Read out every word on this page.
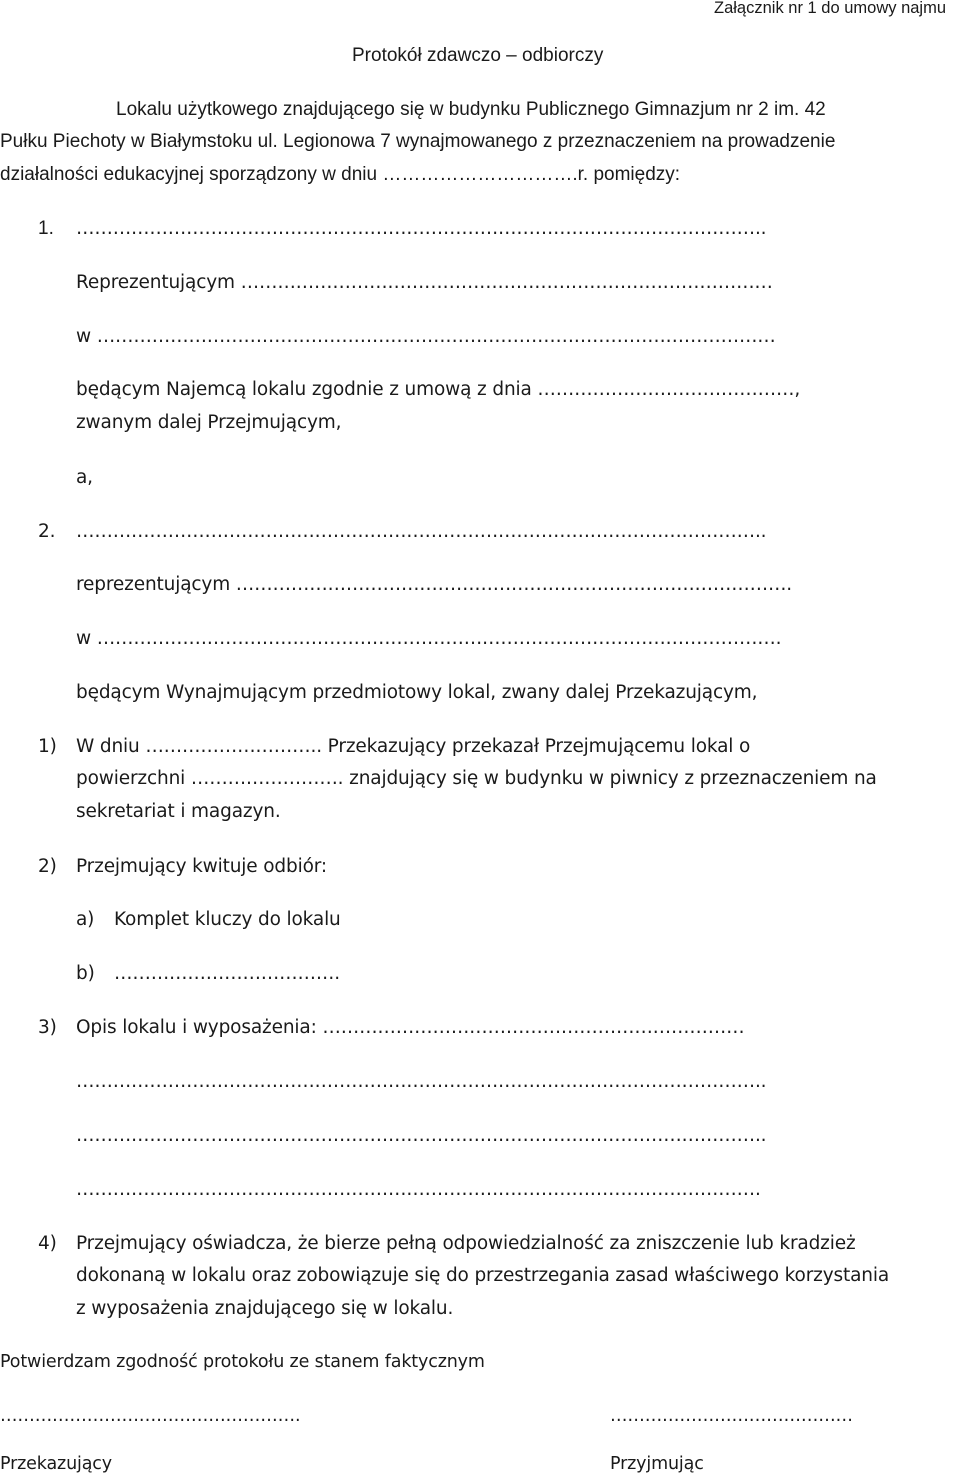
Załącznik nr 1 do umowy najmu
Protokół zdawczo – odbiorczy
Lokalu użytkowego znajdującego się w budynku Publicznego Gimnazjum nr 2 im. 42
Pułku Piechoty w Białymstoku ul. Legionowa 7 wynajmowanego z przeznaczeniem na prowadzenie
działalności edukacyjnej sporządzony w dniu ………………………….r. pomiędzy:
1. …………………………………………………………………………………………………..
Reprezentującym ……………………………………………………………………………
w …………………………………………………………………………………………………
będącym Najemcą lokalu zgodnie z umową z dnia ……………………………………,
zwanym dalej Przejmującym,
a,
2. …………………………………………………………………………………………………..
reprezentującym ……………………………………………………………………………….
w ………………………………………………………………………………………………….
będącym Wynajmującym przedmiotowy lokal, zwany dalej Przekazującym,
1) W dniu ……………………….. Przekazujący przekazał Przejmującemu lokal o
powierzchni ……………………. znajdujący się w budynku w piwnicy z przeznaczeniem na
sekretariat i magazyn.
2) Przejmujący kwituje odbiór:
a) Komplet kluczy do lokalu
b) ……………………………….
3) Opis lokalu i wyposażenia: ……………………………………………………………
…………………………………………………………………………………………………..
…………………………………………………………………………………………………..
………………………………………………………………………………………………….
4) Przejmujący oświadcza, że bierze pełną odpowiedzialność za zniszczenie lub kradzież
dokonaną w lokalu oraz zobowiązuje się do przestrzegania zasad właściwego korzystania
z wyposażenia znajdującego się w lokalu.
Potwierdzam zgodność protokołu ze stanem faktycznym
…………………………………………….	……………………………………
Przekazujący	Przyjmując
